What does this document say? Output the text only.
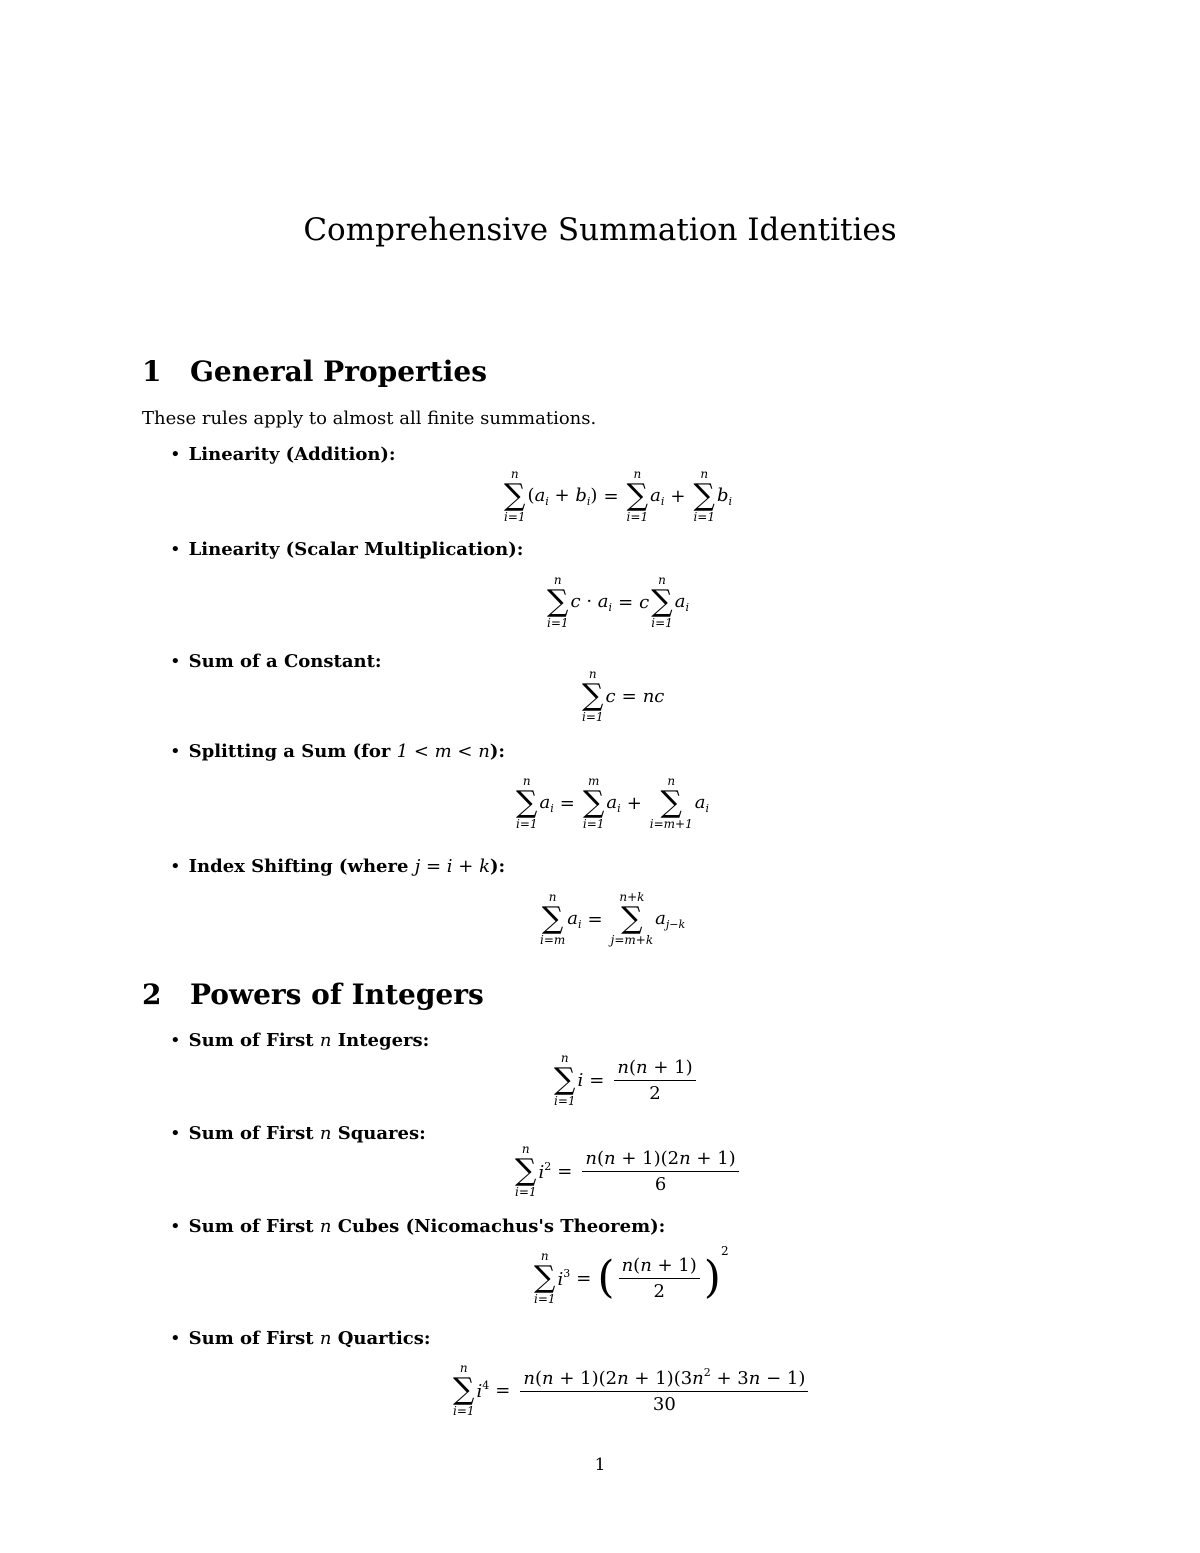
Comprehensive Summation Identities
1 General Properties
These rules apply to almost all finite summations.
• Linearity (Addition):
n
∑
i=1
$(a_i + b_i)$ =
n
∑
i=1
$a_i$ +
n
∑
i=1
$b_i$
• Linearity (Scalar Multiplication):
n
∑
i=1
$c \cdot a_i = c$
n
∑
i=1
$a_i$
• Sum of a Constant:
n
∑
i=1
c = nc
• Splitting a Sum (for 1 < m < n):
n
∑
i=1
$a_i$ =
m
∑
i=1
$a_i$ +
n
∑
i=m+1
$a_i$
• Index Shifting (where j = i + k):
n
∑
i=m
$a_i$ =
n+k
∑
j=m+k
$a_{j-k}$
2 Powers of Integers
• Sum of First n Integers:
n
∑
i=1
$i = \frac{n(n + 1)}{2}$
• Sum of First n Squares:
n
∑
i=1
$i^2 = \frac{n(n + 1)(2n + 1)}{6}$
• Sum of First n Cubes (Nicomachus's Theorem):
n
∑
i=1
$i^3$ = ( $\frac{n(n + 1)}{2}$ )
2
• Sum of First n Quartics:
n
∑
i=1
$i^4 = \frac{n(n + 1)(2n + 1)(3n^2 + 3n - 1)}{30}$
1
